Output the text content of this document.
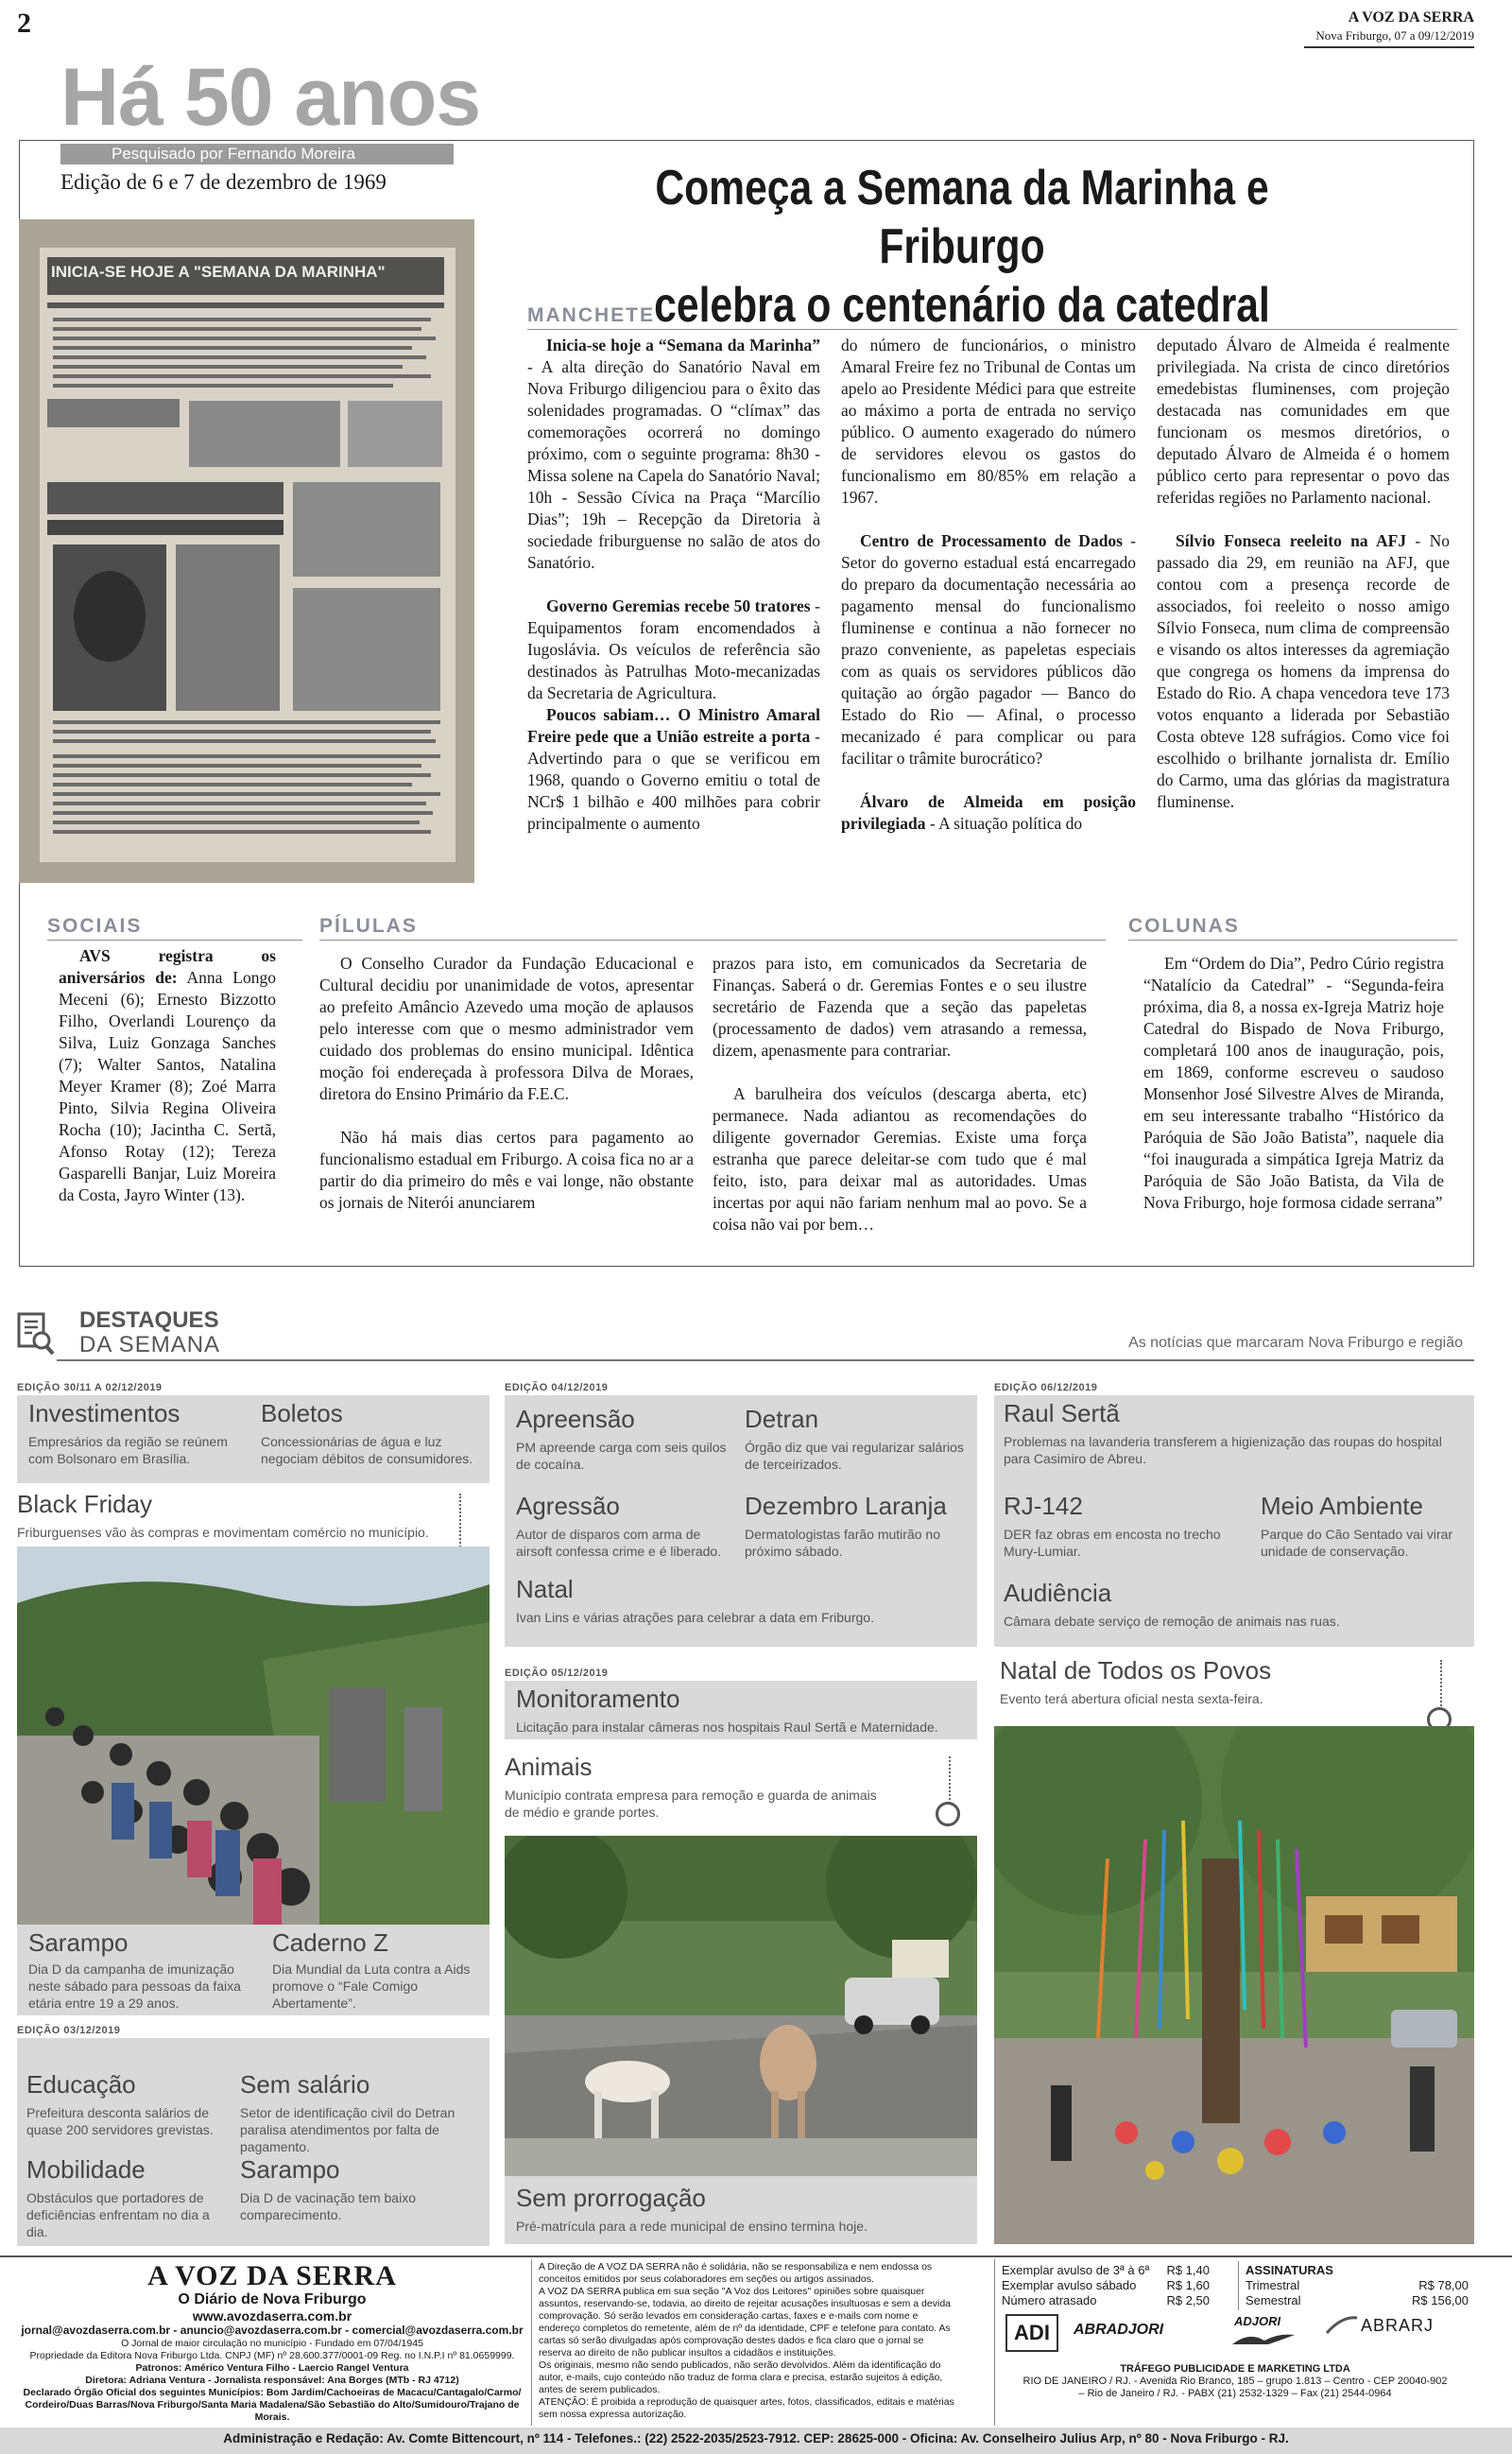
2	A VOZ DA SERRA
Nova Friburgo, 07 a 09/12/2019
Há 50 anos
Pesquisado por Fernando Moreira
Edição de 6 e 7 de dezembro de 1969	Começa a Semana da Marinha e Friburgo
celebra o centenário da catedral
INICIA-SE HOJE A "SEMANA DA MARINHA"
MANCHETE

Inicia-se hoje a “Semana da Marinha” - A alta direção do Sanatório Naval em Nova Friburgo diligenciou para o êxito das solenidades programadas. O “clímax” das comemorações ocorrerá no domingo próximo, com o seguinte programa: 8h30 - Missa solene na Capela do Sanatório Naval; 10h - Sessão Cívica na Praça “Marcílio Dias”; 19h – Recepção da Diretoria à sociedade friburguense no salão de atos do Sanatório.

Governo Geremias recebe 50 tratores - Equipamentos foram encomendados à Iugoslávia. Os veículos de referência são destinados às Patrulhas Moto-mecanizadas da Secretaria de Agricultura.

Poucos sabiam… O Ministro Amaral Freire pede que a União estreite a porta - Advertindo para o que se verificou em 1968, quando o Governo emitiu o total de NCr$ 1 bilhão e 400 milhões para cobrir principalmente o aumento

do número de funcionários, o ministro Amaral Freire fez no Tribunal de Contas um apelo ao Presidente Médici para que estreite ao máximo a porta de entrada no serviço público. O aumento exagerado do número de servidores elevou os gastos do funcionalismo em 80/85% em relação a 1967.

Centro de Processamento de Dados - Setor do governo estadual está encarregado do preparo da documentação necessária ao pagamento mensal do funcionalismo fluminense e continua a não fornecer no prazo conveniente, as papeletas especiais com as quais os servidores públicos dão quitação ao órgão pagador — Banco do Estado do Rio — Afinal, o processo mecanizado é para complicar ou para facilitar o trâmite burocrático?

Álvaro de Almeida em posição privilegiada - A situação política do

deputado Álvaro de Almeida é realmente privilegiada. Na crista de cinco diretórios emedebistas fluminenses, com projeção destacada nas comunidades em que funcionam os mesmos diretórios, o deputado Álvaro de Almeida é o homem público certo para representar o povo das referidas regiões no Parlamento nacional.

Sílvio Fonseca reeleito na AFJ - No passado dia 29, em reunião na AFJ, que contou com a presença recorde de associados, foi reeleito o nosso amigo Sílvio Fonseca, num clima de compreensão e visando os altos interesses da agremiação que congrega os homens da imprensa do Estado do Rio. A chapa vencedora teve 173 votos enquanto a liderada por Sebastião Costa obteve 128 sufrágios. Como vice foi escolhido o brilhante jornalista dr. Emílio do Carmo, uma das glórias da magistratura fluminense.

SOCIAIS

AVS registra os aniversários de: Anna Longo Meceni (6); Ernesto Bizzotto Filho, Overlandi Lourenço da Silva, Luiz Gonzaga Sanches (7); Walter Santos, Natalina Meyer Kramer (8); Zoé Marra Pinto, Silvia Regina Oliveira Rocha (10); Jacintha C. Sertã, Afonso Rotay (12); Tereza Gasparelli Banjar, Luiz Moreira da Costa, Jayro Winter (13).

PÍLULAS

O Conselho Curador da Fundação Educacional e Cultural decidiu por unanimidade de votos, apresentar ao prefeito Amâncio Azevedo uma moção de aplausos pelo interesse com que o mesmo administrador vem cuidado dos problemas do ensino municipal. Idêntica moção foi endereçada à professora Dilva de Moraes, diretora do Ensino Primário da F.E.C.

Não há mais dias certos para pagamento ao funcionalismo estadual em Friburgo. A coisa fica no ar a partir do dia primeiro do mês e vai longe, não obstante os jornais de Niterói anunciarem

prazos para isto, em comunicados da Secretaria de Finanças. Saberá o dr. Geremias Fontes e o seu ilustre secretário de Fazenda que a seção das papeletas (processamento de dados) vem atrasando a remessa, dizem, apenasmente para contrariar.

A barulheira dos veículos (descarga aberta, etc) permanece. Nada adiantou as recomendações do diligente governador Geremias. Existe uma força estranha que parece deleitar-se com tudo que é mal feito, isto, para deixar mal as autoridades. Umas incertas por aqui não fariam nenhum mal ao povo. Se a coisa não vai por bem…

COLUNAS

Em “Ordem do Dia”, Pedro Cúrio registra “Natalício da Catedral” - “Segunda-feira próxima, dia 8, a nossa ex-Igreja Matriz hoje Catedral do Bispado de Nova Friburgo, completará 100 anos de inauguração, pois, em 1869, conforme escreveu o saudoso Monsenhor José Silvestre Alves de Miranda, em seu interessante trabalho “Histórico da Paróquia de São João Batista”, naquele dia “foi inaugurada a simpática Igreja Matriz da Paróquia de São João Batista, da Vila de Nova Friburgo, hoje formosa cidade serrana”

DESTAQUES
DA SEMANA	As notícias que marcaram Nova Friburgo e região
EDIÇÃO 30/11 A 02/12/2019
Investimentos
Empresários da região se reúnem com Bolsonaro em Brasília.
Boletos
Concessionárias de água e luz negociam débitos de consumidores.
Black Friday
Friburguenses vão às compras e movimentam comércio no município.
Sarampo
Dia D da campanha de imunização neste sábado para pessoas da faixa etária entre 19 a 29 anos.
Caderno Z
Dia Mundial da Luta contra a Aids promove o “Fale Comigo Abertamente”.
EDIÇÃO 03/12/2019
Educação
Prefeitura desconta salários de quase 200 servidores grevistas.
Sem salário
Setor de identificação civil do Detran paralisa atendimentos por falta de pagamento.
Mobilidade
Obstáculos que portadores de deficiências enfrentam no dia a dia.
Sarampo
Dia D de vacinação tem baixo comparecimento.
EDIÇÃO 04/12/2019
Apreensão
PM apreende carga com seis quilos de cocaína.
Detran
Órgão diz que vai regularizar salários de terceirizados.
Agressão
Autor de disparos com arma de airsoft confessa crime e é liberado.
Dezembro Laranja
Dermatologistas farão mutirão no próximo sábado.
Natal
Ivan Lins e várias atrações para celebrar a data em Friburgo.
EDIÇÃO 05/12/2019
Monitoramento
Licitação para instalar câmeras nos hospitais Raul Sertã e Maternidade.
Animais
Município contrata empresa para remoção e guarda de animais de médio e grande portes.
Sem prorrogação
Pré-matrícula para a rede municipal de ensino termina hoje.
EDIÇÃO 06/12/2019
Raul Sertã
Problemas na lavanderia transferem a higienização das roupas do hospital para Casimiro de Abreu.
RJ-142
DER faz obras em encosta no trecho Mury-Lumiar.
Meio Ambiente
Parque do Cão Sentado vai virar unidade de conservação.
Audiência
Câmara debate serviço de remoção de animais nas ruas.
Natal de Todos os Povos
Evento terá abertura oficial nesta sexta-feira.
A VOZ DA SERRA
O Diário de Nova Friburgo
www.avozdaserra.com.br
jornal@avozdaserra.com.br - anuncio@avozdaserra.com.br - comercial@avozdaserra.com.br
O Jornal de maior circulação no município - Fundado em 07/04/1945
Propriedade da Editora Nova Friburgo Ltda. CNPJ (MF) nº 28.600.377/0001-09 Reg. no I.N.P.I nº 81.0659999.
Patronos: Américo Ventura Filho - Laercio Rangel Ventura
Diretora: Adriana Ventura - Jornalista responsável: Ana Borges (MTb - RJ 4712)
Declarado Órgão Oficial dos seguintes Municípios: Bom Jardim/Cachoeiras de Macacu/Cantagalo/Carmo/
Cordeiro/Duas Barras/Nova Friburgo/Santa Maria Madalena/São Sebastião do Alto/Sumidouro/Trajano de Morais.
A Direção de A VOZ DA SERRA não é solidária, não se responsabiliza e nem endossa os conceitos emitidos por seus colaboradores em seções ou artigos assinados.
A VOZ DA SERRA publica em sua seção "A Voz dos Leitores" opiniões sobre quaisquer assuntos, reservando-se, todavia, ao direito de rejeitar acusações insultuosas e sem a devida comprovação. Só serão levados em consideração cartas, faxes e e-mails com nome e endereço completos do remetente, além de nº da identidade, CPF e telefone para contato. As cartas só serão divulgadas após comprovação destes dados e fica claro que o jornal se reserva ao direito de não publicar insultos a cidadãos e instituições.
Os originais, mesmo não sendo publicados, não serão devolvidos. Além da identificação do autor, e-mails, cujo conteúdo não traduz de forma clara e precisa, estarão sujeitos à edição, antes de serem publicados.
ATENÇÃO: É proibida a reprodução de quaisquer artes, fotos, classificados, editais e matérias sem nossa expressa autorização.
Exemplar avulso de 3ª à 6ª R$ 1,40
Exemplar avulso sábado R$ 1,60
Número atrasado	R$ 2,50
ASSINATURAS
Trimestral	R$ 78,00
Semestral	R$ 156,00
ADI	ABRADJORI
ADJORI	ABRARJ
TRÁFEGO PUBLICIDADE E MARKETING LTDA
RIO DE JANEIRO / RJ. - Avenida Rio Branco, 185 – grupo 1.813 – Centro - CEP 20040-902
– Rio de Janeiro / RJ. - PABX (21) 2532-1329 – Fax (21) 2544-0964
Administração e Redação: Av. Comte Bittencourt, nº 114 - Telefones.: (22) 2522-2035/2523-7912. CEP: 28625-000 - Oficina: Av. Conselheiro Julius Arp, nº 80 - Nova Friburgo - RJ.
